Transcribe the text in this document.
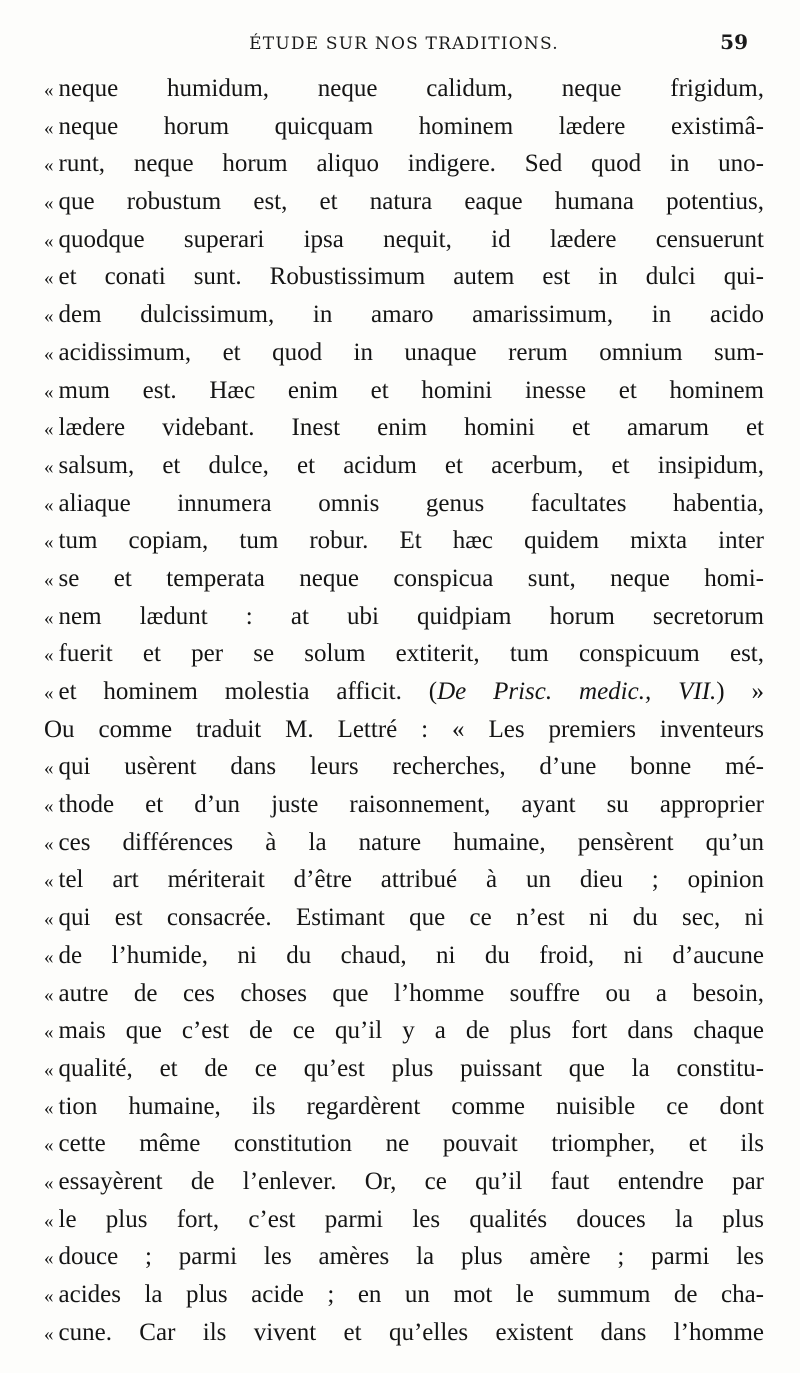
ÉTUDE SUR NOS TRADITIONS.	59
« neque humidum, neque calidum, neque frigidum,
« neque horum quicquam hominem lædere existimâ-
« runt, neque horum aliquo indigere. Sed quod in uno-
« que robustum est, et natura eaque humana potentius,
« quodque superari ipsa nequit, id lædere censuerunt
« et conati sunt. Robustissimum autem est in dulci qui-
« dem dulcissimum, in amaro amarissimum, in acido
« acidissimum, et quod in unaque rerum omnium sum-
« mum est. Hæc enim et homini inesse et hominem
« lædere videbant. Inest enim homini et amarum et
« salsum, et dulce, et acidum et acerbum, et insipidum,
« aliaque innumera omnis genus facultates habentia,
« tum copiam, tum robur. Et hæc quidem mixta inter
« se et temperata neque conspicua sunt, neque homi-
« nem lædunt : at ubi quidpiam horum secretorum
« fuerit et per se solum extiterit, tum conspicuum est,
« et hominem molestia afficit. (De Prisc. medic., VII.) »
Ou comme traduit M. Lettré : « Les premiers inventeurs
« qui usèrent dans leurs recherches, d’une bonne mé-
« thode et d’un juste raisonnement, ayant su approprier
« ces différences à la nature humaine, pensèrent qu’un
« tel art mériterait d’être attribué à un dieu ; opinion
« qui est consacrée. Estimant que ce n’est ni du sec, ni
« de l’humide, ni du chaud, ni du froid, ni d’aucune
« autre de ces choses que l’homme souffre ou a besoin,
« mais que c’est de ce qu’il y a de plus fort dans chaque
« qualité, et de ce qu’est plus puissant que la constitu-
« tion humaine, ils regardèrent comme nuisible ce dont
« cette même constitution ne pouvait triompher, et ils
« essayèrent de l’enlever. Or, ce qu’il faut entendre par
« le plus fort, c’est parmi les qualités douces la plus
« douce ; parmi les amères la plus amère ; parmi les
« acides la plus acide ; en un mot le summum de cha-
« cune. Car ils vivent et qu’elles existent dans l’homme
